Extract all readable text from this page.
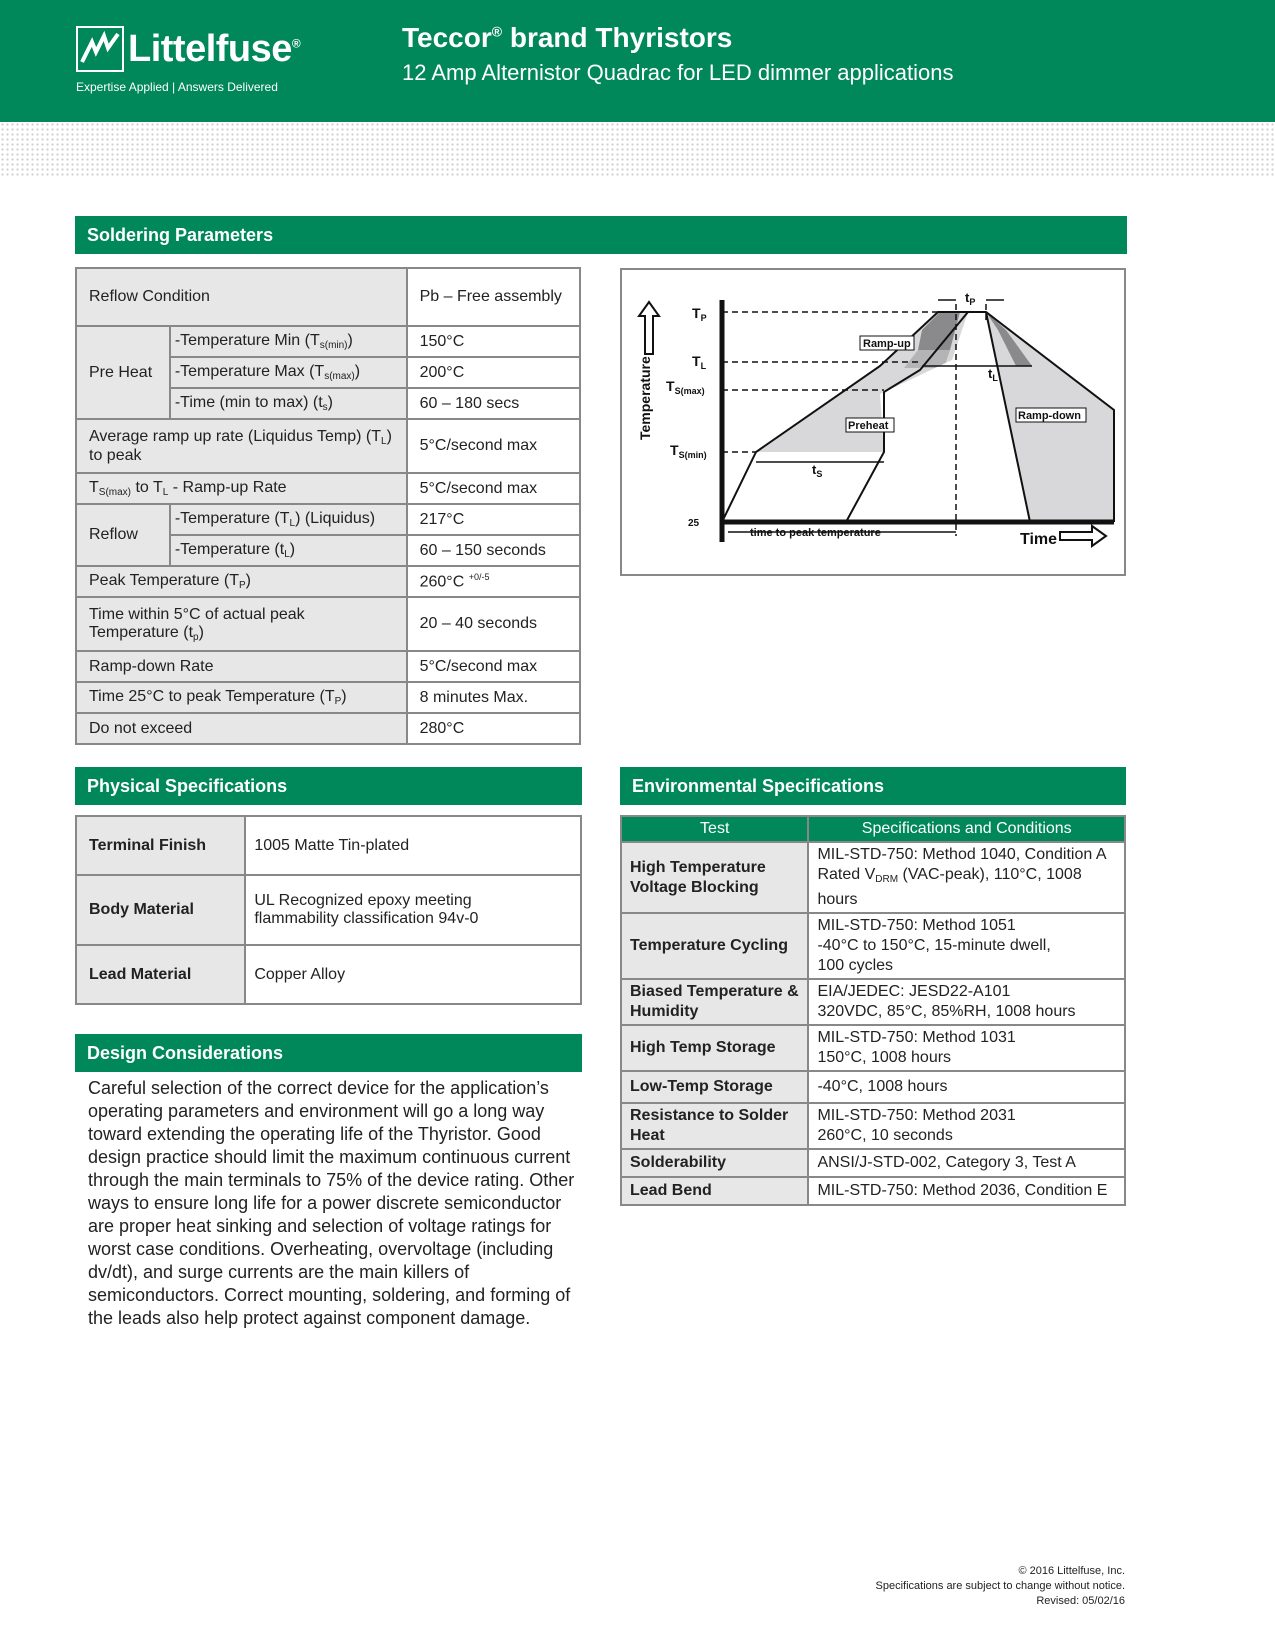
Littelfuse®
Expertise Applied | Answers Delivered
Teccor® brand Thyristors
12 Amp Alternistor Quadrac for LED dimmer applications
Soldering Parameters
Reflow Condition		Pb – Free assembly
Pre Heat	-Temperature Min $(T_{s(min)})$	150°C
	-Temperature Max $(T_{s(max)})$	200°C
	-Time (min to max) $(t_s)$	60 – 180 secs
Average ramp up rate (Liquidus Temp) $(T_L)$ to peak		5°C/second max
$T_{S(max)}$ to $T_L$ - Ramp-up Rate		5°C/second max
Reflow	-Temperature $(T_L)$ (Liquidus)	217°C
	-Temperature $(t_L)$	60 – 150 seconds
Peak Temperature $(T_P)$		260°C $^{+0/-5}$
Time within 5°C of actual peak Temperature $(t_p)$		20 – 40 seconds
Ramp-down Rate		5°C/second max
Time 25°C to peak Temperature $(T_P)$		8 minutes Max.
Do not exceed		280°C
Temperature
$T_P$
$T_L$
$T_{S(max)}$
$T_{S(min)}$
25
$t_P$
$t_L$
$t_S$
Ramp-up
Preheat
Ramp-down
time to peak temperature	Time
Physical Specifications
Terminal Finish	1005 Matte Tin-plated
Body Material	UL Recognized epoxy meeting flammability classification 94v-0
Lead Material	Copper Alloy
Design Considerations
Careful selection of the correct device for the application’s operating parameters and environment will go a long way toward extending the operating life of the Thyristor. Good design practice should limit the maximum continuous current through the main terminals to 75% of the device rating. Other ways to ensure long life for a power discrete semiconductor are proper heat sinking and selection of voltage ratings for worst case conditions. Overheating, overvoltage (including dv/dt), and surge currents are the main killers of semiconductors. Correct mounting, soldering, and forming of the leads also help protect against component damage.
Environmental Specifications
Test	Specifications and Conditions
High Temperature Voltage Blocking	MIL-STD-750: Method 1040, Condition A
Rated $V_{DRM}$ (VAC-peak), 110°C, 1008 hours
Temperature Cycling	MIL-STD-750: Method 1051
-40°C to 150°C, 15-minute dwell,
100 cycles
Biased Temperature & Humidity	EIA/JEDEC: JESD22-A101
320VDC, 85°C, 85%RH, 1008 hours
High Temp Storage	MIL-STD-750: Method 1031
150°C, 1008 hours
Low-Temp Storage	-40°C, 1008 hours
Resistance to Solder Heat	MIL-STD-750: Method 2031
260°C, 10 seconds
Solderability	ANSI/J-STD-002, Category 3, Test A
Lead Bend	MIL-STD-750: Method 2036, Condition E
© 2016 Littelfuse, Inc.
Specifications are subject to change without notice.
Revised: 05/02/16
